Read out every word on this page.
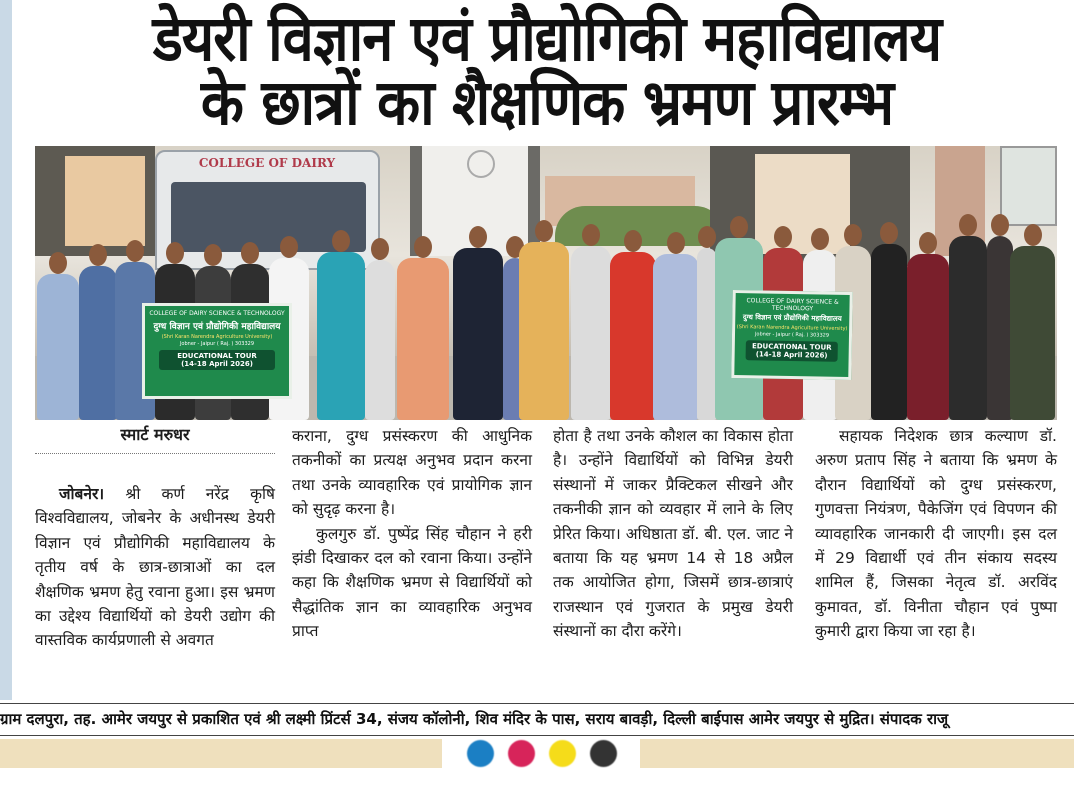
डेयरी विज्ञान एवं प्रौद्योगिकी महाविद्यालय
के छात्रों का शैक्षणिक भ्रमण प्रारम्भ
COLLEGE OF DAIRY
COLLEGE OF DAIRY SCIENCE & TECHNOLOGY
दुग्ध विज्ञान एवं प्रौद्योगिकी महाविद्यालय
(Shri Karan Narendra Agriculture University)
Jobner - Jaipur ( Raj. ) 303329
EDUCATIONAL TOUR
(14-18 April 2026)
COLLEGE OF DAIRY SCIENCE & TECHNOLOGY
दुग्ध विज्ञान एवं प्रौद्योगिकी महाविद्यालय
(Shri Karan Narendra Agriculture University)
Jobner - Jaipur ( Raj. ) 303329
EDUCATIONAL TOUR
(14-18 April 2026)
स्मार्ट मरुधर

जोबनेर। श्री कर्ण नरेंद्र कृषि विश्वविद्यालय, जोबनेर के अधीनस्थ डेयरी विज्ञान एवं प्रौद्योगिकी महाविद्यालय के तृतीय वर्ष के छात्र-छात्राओं का दल शैक्षणिक भ्रमण हेतु रवाना हुआ। इस भ्रमण का उद्देश्य विद्यार्थियों को डेयरी उद्योग की वास्तविक कार्यप्रणाली से अवगत

कराना, दुग्ध प्रसंस्करण की आधुनिक तकनीकों का प्रत्यक्ष अनुभव प्रदान करना तथा उनके व्यावहारिक एवं प्रायोगिक ज्ञान को सुदृढ़ करना है।

कुलगुरु डॉ. पुष्पेंद्र सिंह चौहान ने हरी झंडी दिखाकर दल को रवाना किया। उन्होंने कहा कि शैक्षणिक भ्रमण से विद्यार्थियों को सैद्धांतिक ज्ञान का व्यावहारिक अनुभव प्राप्त

होता है तथा उनके कौशल का विकास होता है। उन्होंने विद्यार्थियों को विभिन्न डेयरी संस्थानों में जाकर प्रैक्टिकल सीखने और तकनीकी ज्ञान को व्यवहार में लाने के लिए प्रेरित किया। अधिष्ठाता डॉ. बी. एल. जाट ने बताया कि यह भ्रमण 14 से 18 अप्रैल तक आयोजित होगा, जिसमें छात्र-छात्राएं राजस्थान एवं गुजरात के प्रमुख डेयरी संस्थानों का दौरा करेंगे।

सहायक निदेशक छात्र कल्याण डॉ. अरुण प्रताप सिंह ने बताया कि भ्रमण के दौरान विद्यार्थियों को दुग्ध प्रसंस्करण, गुणवत्ता नियंत्रण, पैकेजिंग एवं विपणन की व्यावहारिक जानकारी दी जाएगी। इस दल में 29 विद्यार्थी एवं तीन संकाय सदस्य शामिल हैं, जिसका नेतृत्व डॉ. अरविंद कुमावत, डॉ. विनीता चौहान एवं पुष्पा कुमारी द्वारा किया जा रहा है।

ग्राम दलपुरा, तह. आमेर जयपुर से प्रकाशित एवं श्री लक्ष्मी प्रिंटर्स 34, संजय कॉलोनी, शिव मंदिर के पास, सराय बावड़ी, दिल्ली बाईपास आमेर जयपुर से मुद्रित। संपादक राजू
